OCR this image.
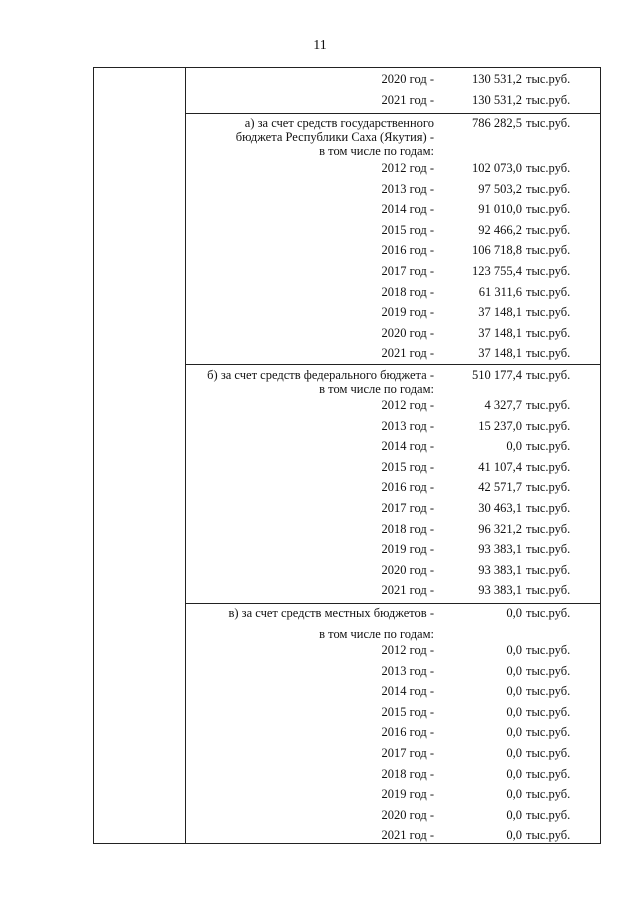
11
2020 год -	130 531,2 тыс.руб.
2021 год -	130 531,2 тыс.руб.
а) за счет средств государственного	786 282,5 тыс.руб.
бюджета Республики Саха (Якутия) -
в том числе по годам:
2012 год -	102 073,0 тыс.руб.
2013 год -	97 503,2 тыс.руб.
2014 год -	91 010,0 тыс.руб.
2015 год -	92 466,2 тыс.руб.
2016 год -	106 718,8 тыс.руб.
2017 год -	123 755,4 тыс.руб.
2018 год -	61 311,6 тыс.руб.
2019 год -	37 148,1 тыс.руб.
2020 год -	37 148,1 тыс.руб.
2021 год -	37 148,1 тыс.руб.
б) за счет средств федерального бюджета -	510 177,4 тыс.руб.
в том числе по годам:
2012 год -	4 327,7 тыс.руб.
2013 год -	15 237,0 тыс.руб.
2014 год -	0,0 тыс.руб.
2015 год -	41 107,4 тыс.руб.
2016 год -	42 571,7 тыс.руб.
2017 год -	30 463,1 тыс.руб.
2018 год -	96 321,2 тыс.руб.
2019 год -	93 383,1 тыс.руб.
2020 год -	93 383,1 тыс.руб.
2021 год -	93 383,1 тыс.руб.
в) за счет средств местных бюджетов -	0,0 тыс.руб.
в том числе по годам:
2012 год -	0,0 тыс.руб.
2013 год -	0,0 тыс.руб.
2014 год -	0,0 тыс.руб.
2015 год -	0,0 тыс.руб.
2016 год -	0,0 тыс.руб.
2017 год -	0,0 тыс.руб.
2018 год -	0,0 тыс.руб.
2019 год -	0,0 тыс.руб.
2020 год -	0,0 тыс.руб.
2021 год -	0,0 тыс.руб.
